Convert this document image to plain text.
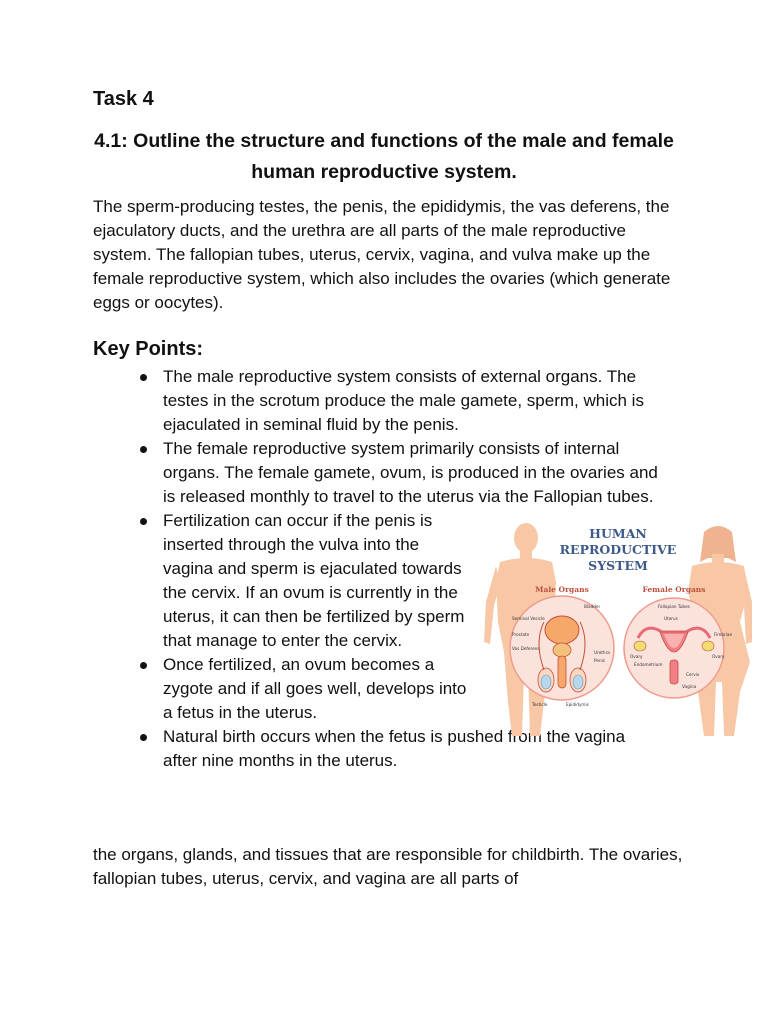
Task 4

4.1: Outline the structure and functions of the male and female human reproductive system.

The sperm-producing testes, the penis, the epididymis, the vas deferens, the ejaculatory ducts, and the urethra are all parts of the male reproductive system. The fallopian tubes, uterus, cervix, vagina, and vulva make up the female reproductive system, which also includes the ovaries (which generate eggs or oocytes).

Key Points:

The male reproductive system consists of external organs. The testes in the scrotum produce the male gamete, sperm, which is ejaculated in seminal fluid by the penis.
The female reproductive system primarily consists of internal organs. The female gamete, ovum, is produced in the ovaries and is released monthly to travel to the uterus via the Fallopian tubes.
Fertilization can occur if the penis is inserted through the vulva into the vagina and sperm is ejaculated towards the cervix. If an ovum is currently in the uterus, it can then be fertilized by sperm that manage to enter the cervix.
Once fertilized, an ovum becomes a zygote and if all goes well, develops into a fetus in the uterus.
Natural birth occurs when the fetus is pushed from the vagina after nine months in the uterus.

the organs, glands, and tissues that are responsible for childbirth. The ovaries, fallopian tubes, uterus, cervix, and vagina are all parts of

HUMAN
REPRODUCTIVE
SYSTEM
Male Organs
Seminal Vesicle
Bladder
Prostate
Vas Deferens
Urethra
Penis
Testicle	Epididymis
Female Organs
Fallopian Tubes
Uterus
Fimbriae
Ovary
Ovary
Endometrium
Cervix
Vagina
